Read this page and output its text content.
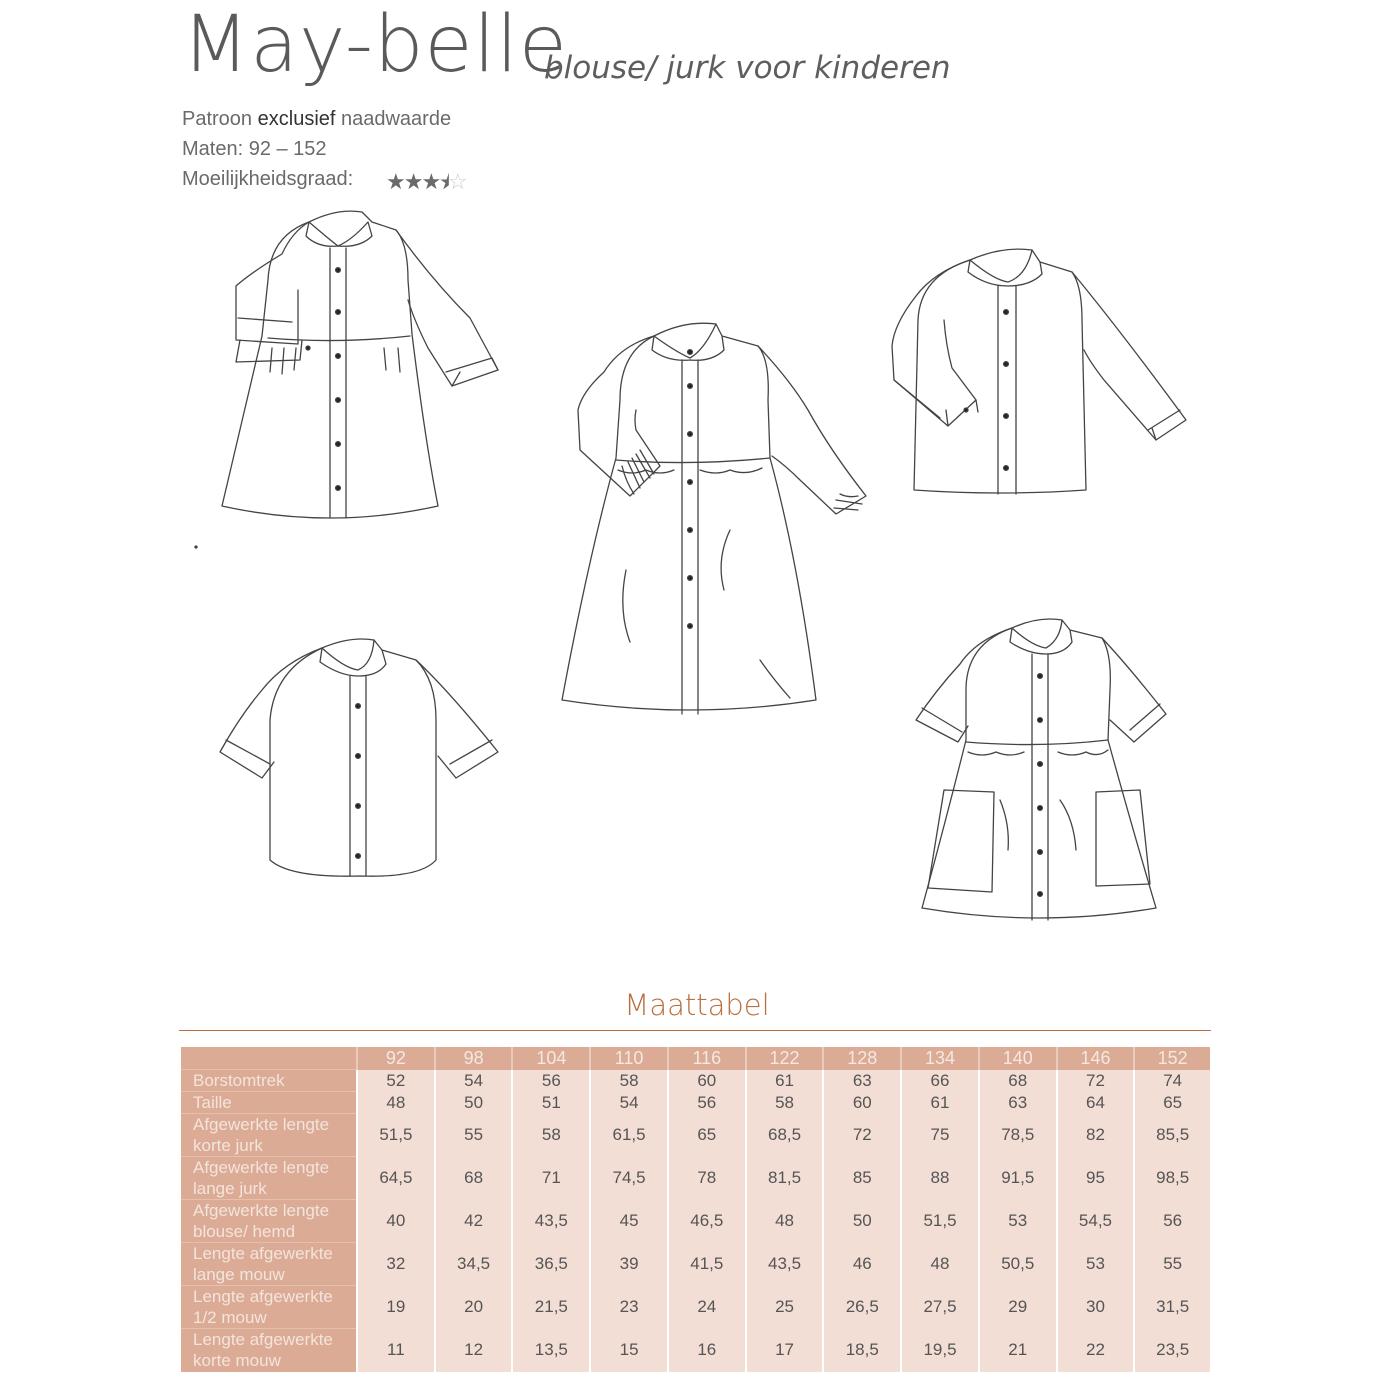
May-belle
blouse/ jurk voor kinderen
Patroon exclusief naadwaarde
Maten: 92 – 152
Moeilijkheidsgraad: ★★★⯨☆
Maattabel
	92	98	104	110	116	122	128	134	140	146	152

Borstomtrek	52	54	56	58	60	61	63	66	68	72	74

Taille	48	50	51	54	56	58	60	61	63	64	65

Afgewerkte lengte
korte jurk	51,5	55	58	61,5	65	68,5	72	75	78,5	82	85,5

Afgewerkte lengte
lange jurk	64,5	68	71	74,5	78	81,5	85	88	91,5	95	98,5

Afgewerkte lengte
blouse/ hemd	40	42	43,5	45	46,5	48	50	51,5	53	54,5	56

Lengte afgewerkte
lange mouw	32	34,5	36,5	39	41,5	43,5	46	48	50,5	53	55

Lengte afgewerkte
1/2 mouw	19	20	21,5	23	24	25	26,5	27,5	29	30	31,5

Lengte afgewerkte
korte mouw	11	12	13,5	15	16	17	18,5	19,5	21	22	23,5
